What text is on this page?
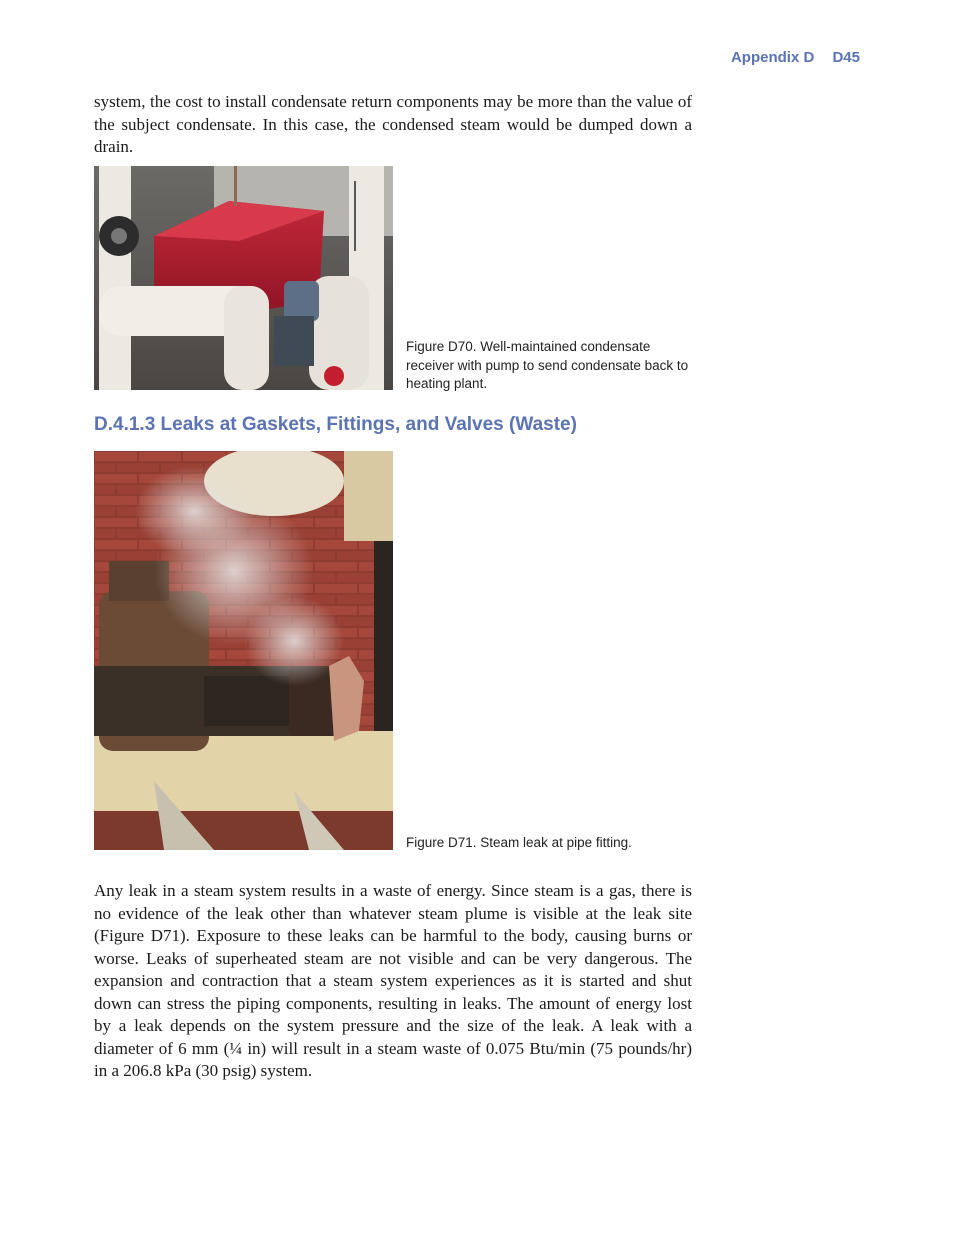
Appendix D D45

system, the cost to install condensate return components may be more than the value of the subject condensate. In this case, the condensed steam would be dumped down a drain.

Figure D70. Well-maintained condensate receiver with pump to send condensate back to heating plant.

D.4.1.3 Leaks at Gaskets, Fittings, and Valves (Waste)

Figure D71. Steam leak at pipe fitting.

Any leak in a steam system results in a waste of energy. Since steam is a gas, there is no evidence of the leak other than whatever steam plume is visible at the leak site (Figure D71). Exposure to these leaks can be harmful to the body, causing burns or worse. Leaks of superheated steam are not visible and can be very dangerous. The expansion and contraction that a steam system experiences as it is started and shut down can stress the piping components, resulting in leaks. The amount of energy lost by a leak depends on the system pressure and the size of the leak. A leak with a diameter of 6 mm (¼ in) will result in a steam waste of 0.075 Btu/min (75 pounds/hr) in a 206.8 kPa (30 psig) system.
